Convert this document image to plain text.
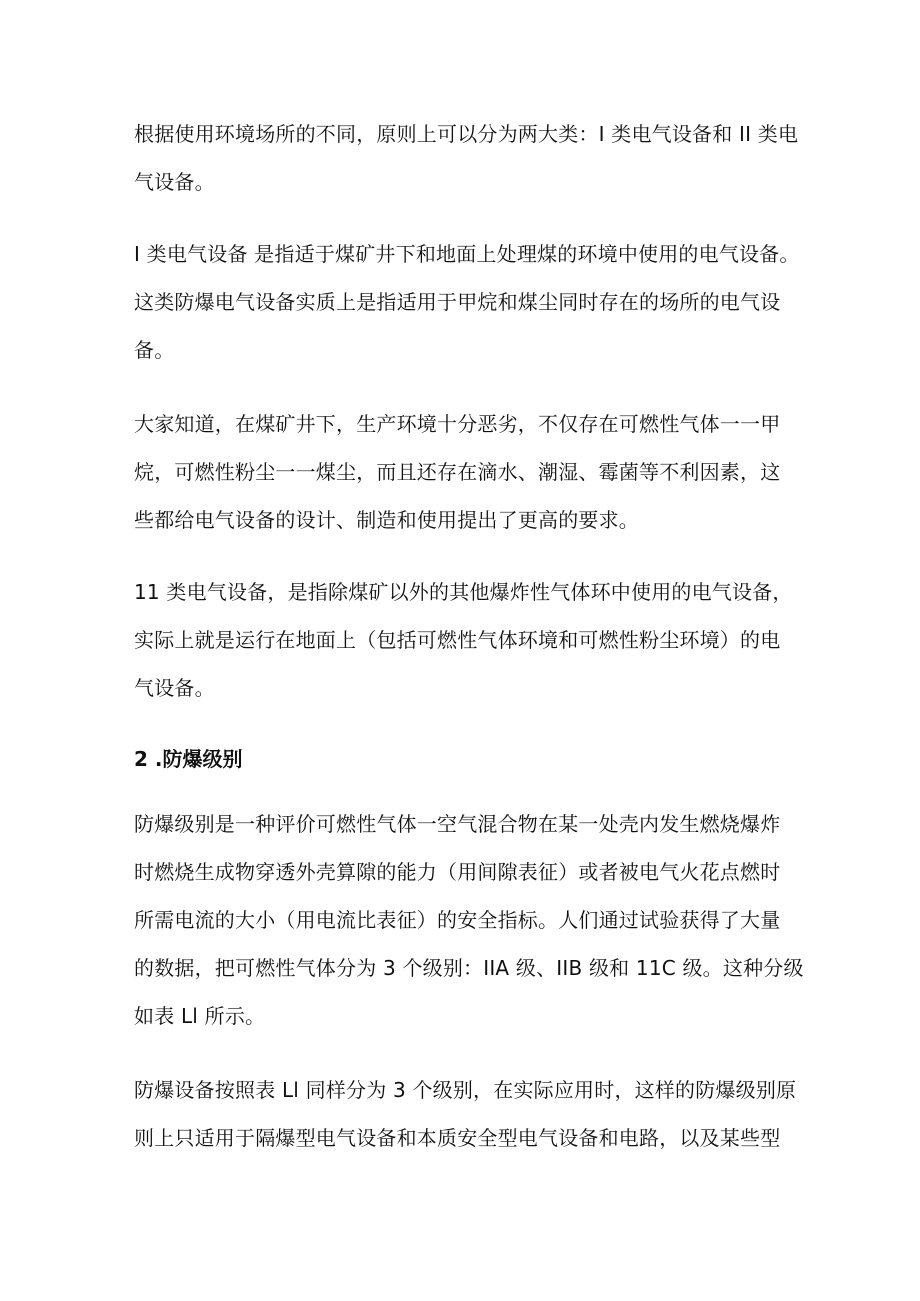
根据使用环境场所的不同，原则上可以分为两大类：I 类电气设备和 II 类电
气设备。
I 类电气设备 是指适于煤矿井下和地面上处理煤的环境中使用的电气设备。
这类防爆电气设备实质上是指适用于甲烷和煤尘同时存在的场所的电气设
备。
大家知道，在煤矿井下，生产环境十分恶劣，不仅存在可燃性气体一一甲
烷，可燃性粉尘一一煤尘，而且还存在滴水、潮湿、霉菌等不利因素，这
些都给电气设备的设计、制造和使用提出了更高的要求。
11 类电气设备，是指除煤矿以外的其他爆炸性气体环中使用的电气设备，
实际上就是运行在地面上（包括可燃性气体环境和可燃性粉尘环境）的电
气设备。
2 .防爆级别
防爆级别是一种评价可燃性气体一空气混合物在某一处壳内发生燃烧爆炸
时燃烧生成物穿透外壳算隙的能力（用间隙表征）或者被电气火花点燃时
所需电流的大小（用电流比表征）的安全指标。人们通过试验获得了大量
的数据，把可燃性气体分为 3 个级别：IIA 级、IIB 级和 11C 级。这种分级
如表 Ll 所示。
防爆设备按照表 Ll 同样分为 3 个级别，在实际应用时，这样的防爆级别原
则上只适用于隔爆型电气设备和本质安全型电气设备和电路，以及某些型
